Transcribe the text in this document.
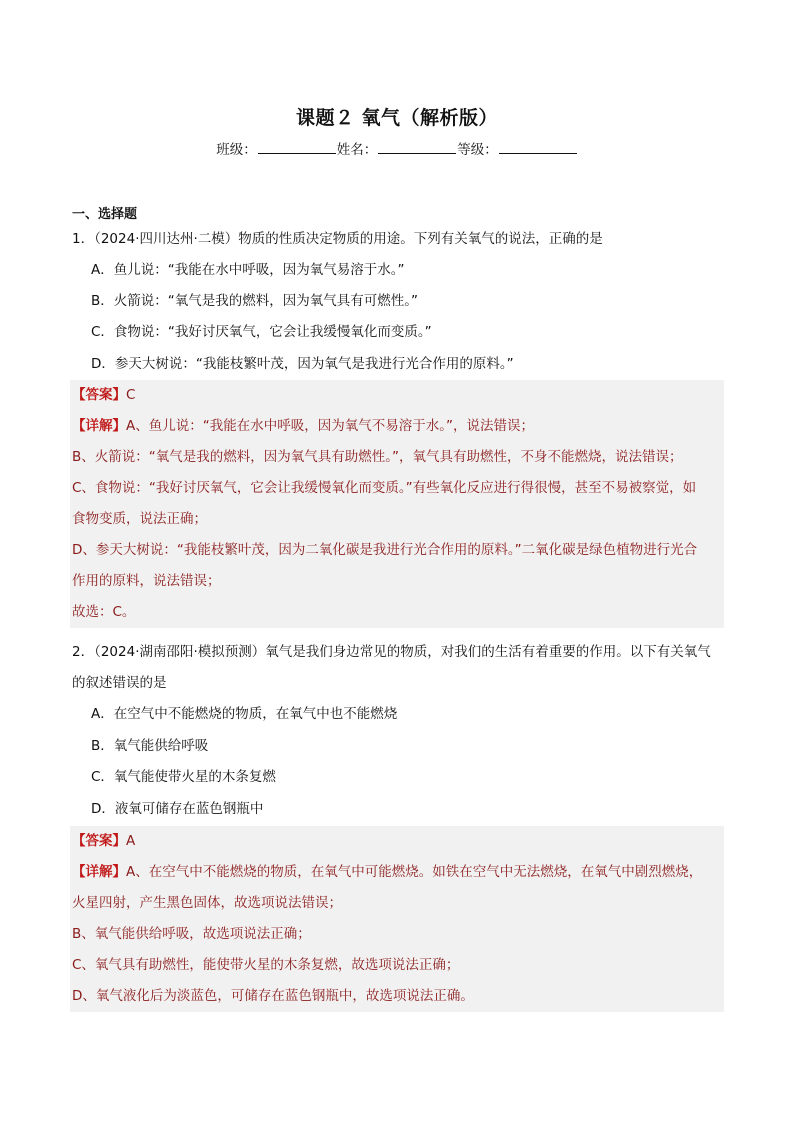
课题２ 氧气（解析版）
班级：	姓名：	等级：
一、选择题
1．（2024·四川达州·二模）物质的性质决定物质的用途。下列有关氧气的说法，正确的是
A．鱼儿说：“我能在水中呼吸，因为氧气易溶于水。”
B．火箭说：“氧气是我的燃料，因为氧气具有可燃性。”
C．食物说：“我好讨厌氧气，它会让我缓慢氧化而变质。”
D．参天大树说：“我能枝繁叶茂，因为氧气是我进行光合作用的原料。”

【答案】C

【详解】A、鱼儿说：“我能在水中呼吸，因为氧气不易溶于水。”，说法错误；

B、火箭说：“氧气是我的燃料，因为氧气具有助燃性。”，氧气具有助燃性，不身不能燃烧，说法错误；

C、食物说：“我好讨厌氧气，它会让我缓慢氧化而变质。”有些氧化反应进行得很慢，甚至不易被察觉，如

食物变质，说法正确；

D、参天大树说：“我能枝繁叶茂，因为二氧化碳是我进行光合作用的原料。”二氧化碳是绿色植物进行光合

作用的原料，说法错误；

故选：C。

2．（2024·湖南邵阳·模拟预测）氧气是我们身边常见的物质，对我们的生活有着重要的作用。以下有关氧气
的叙述错误的是
A．在空气中不能燃烧的物质，在氧气中也不能燃烧
B．氧气能供给呼吸
C．氧气能使带火星的木条复燃
D．液氧可储存在蓝色钢瓶中

【答案】A

【详解】A、在空气中不能燃烧的物质，在氧气中可能燃烧。如铁在空气中无法燃烧，在氧气中剧烈燃烧，

火星四射，产生黑色固体，故选项说法错误；

B、氧气能供给呼吸，故选项说法正确；

C、氧气具有助燃性，能使带火星的木条复燃，故选项说法正确；

D、氧气液化后为淡蓝色，可储存在蓝色钢瓶中，故选项说法正确。
